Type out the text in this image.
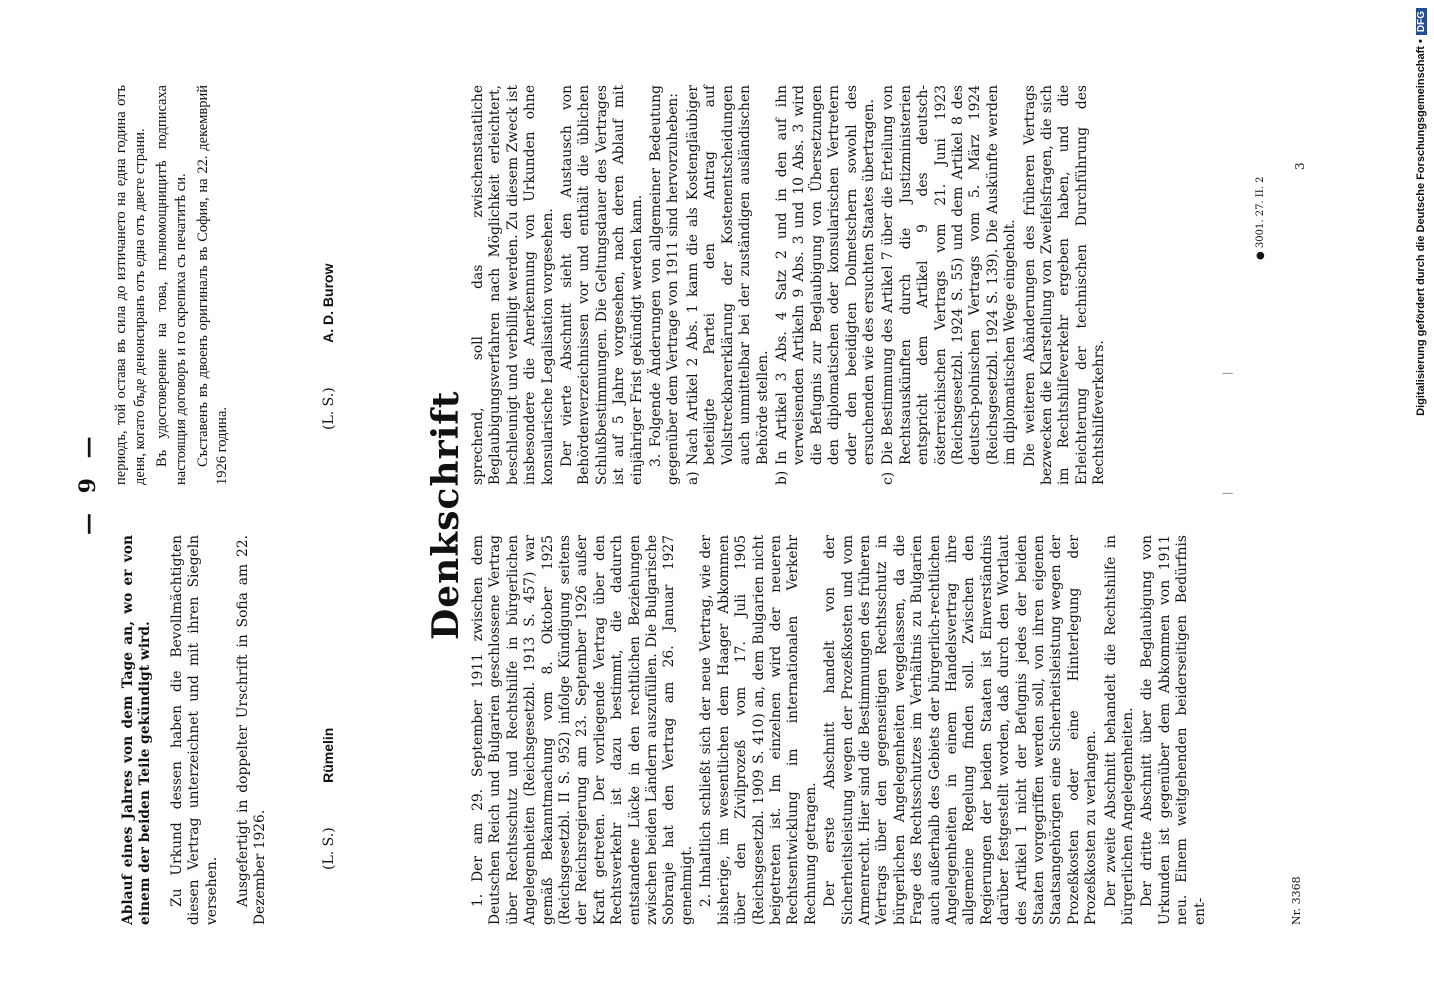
— 9 —

Ablauf eines Jahres von dem Tage an, wo er von einem der beiden Teile gekündigt wird. Zu Urkund dessen haben die Bevollmächtigten diesen Vertrag unterzeichnet und mit ihren Siegeln versehen. Ausgefertigt in doppelter Urschrift in Sofia am 22. Dezember 1926.	(L. S.) Rümelin

периодъ, той остава въ сила до изтичането на една година отъ деня, когато бъде денонсиранъ отъ една отъ двете страни. Въ удостоверение на това, пълномощницитѣ подписаха настоящия договоръ и го скрепиха съ печатитѣ си. Съставенъ въ двоенъ оригиналъ въ София, на 22. декемврий 1926 година.	(L. S.) A. D. Burow
Denkschrift

1. Der am 29. September 1911 zwischen dem Deutschen Reich und Bulgarien geschlossene Vertrag über Rechtsschutz und Rechtshilfe in bürgerlichen Angelegenheiten (Reichsgesetzbl. 1913 S. 457) war gemäß Bekanntmachung vom 8. Oktober 1925 (Reichsgesetzbl. II S. 952) infolge Kündigung seitens der Reichsregierung am 23. September 1926 außer Kraft getreten. Der vorliegende Vertrag über den Rechtsverkehr ist dazu bestimmt, die dadurch entstandene Lücke in den rechtlichen Beziehungen zwischen beiden Ländern auszufüllen. Die Bulgarische Sobranje hat den Vertrag am 26. Januar 1927 genehmigt. 2. Inhaltlich schließt sich der neue Vertrag, wie der bisherige, im wesentlichen dem Haager Abkommen über den Zivilprozeß vom 17. Juli 1905 (Reichsgesetzbl. 1909 S. 410) an, dem Bulgarien nicht beigetreten ist. Im einzelnen wird der neueren Rechtsentwicklung im internationalen Verkehr Rechnung getragen. Der erste Abschnitt handelt von der Sicherheitsleistung wegen der Prozeßkosten und vom Armenrecht. Hier sind die Bestimmungen des früheren Vertrags über den gegenseitigen Rechtsschutz in bürgerlichen Angelegenheiten weggelassen, da die Frage des Rechtsschutzes im Verhältnis zu Bulgarien auch außerhalb des Gebiets der bürgerlich-rechtlichen Angelegenheiten in einem Handelsvertrag ihre allgemeine Regelung finden soll. Zwischen den Regierungen der beiden Staaten ist Einverständnis darüber festgestellt worden, daß durch den Wortlaut des Artikel 1 nicht der Befugnis jedes der beiden Staaten vorgegriffen werden soll, von ihren eigenen Staatsangehörigen eine Sicherheitsleistung wegen der Prozeßkosten oder eine Hinterlegung der Prozeßkosten zu verlangen. Der zweite Abschnitt behandelt die Rechtshilfe in bürgerlichen Angelegenheiten. Der dritte Abschnitt über die Beglaubigung von Urkunden ist gegenüber dem Abkommen von 1911 neu. Einem weitgehenden beiderseitigen Bedürfnis ent-

sprechend, soll das zwischenstaatliche Beglaubigungsverfahren nach Möglichkeit erleichtert, beschleunigt und verbilligt werden. Zu diesem Zweck ist insbesondere die Anerkennung von Urkunden ohne konsularische Legalisation vorgesehen. Der vierte Abschnitt sieht den Austausch von Behördenverzeichnissen vor und enthält die üblichen Schlußbestimmungen. Die Geltungsdauer des Vertrages ist auf 5 Jahre vorgesehen, nach deren Ablauf mit einjähriger Frist gekündigt werden kann. 3. Folgende Änderungen von allgemeiner Bedeutung gegenüber dem Vertrage von 1911 sind hervorzuheben: a)
Nach Artikel 2 Abs. 1 kann die als Kostengläubiger beteiligte Partei den Antrag auf Vollstreckbarerklärung der Kostenentscheidungen auch unmittelbar bei der zuständigen ausländischen Behörde stellen.
b)
In Artikel 3 Abs. 4 Satz 2 und in den auf ihn verweisenden Artikeln 9 Abs. 3 und 10 Abs. 3 wird die Befugnis zur Beglaubigung von Übersetzungen den diplomatischen oder konsularischen Vertretern oder den beeidigten Dolmetschern sowohl des ersuchenden wie des ersuchten Staates übertragen.
c)
Die Bestimmung des Artikel 7 über die Erteilung von Rechtsauskünften durch die Justizministerien entspricht dem Artikel 9 des deutsch-österreichischen Vertrags vom 21. Juni 1923 (Reichsgesetzbl. 1924 S. 55) und dem Artikel 8 des deutsch-polnischen Vertrags vom 5. März 1924 (Reichsgesetzbl. 1924 S. 139). Die Auskünfte werden im diplomatischen Wege eingeholt. Die weiteren Abänderungen des früheren Vertrags bezwecken die Klarstellung von Zweifelsfragen, die sich im Rechtshilfeverkehr ergeben haben, und die Erleichterung der technischen Durchführung des Rechtshilfeverkehrs.

|
|
Nr. 3368
● 3001. 27. II. 2
3	Digitalisierung gefördert durch die Deutsche Forschungsgemeinschaft •
DFG
